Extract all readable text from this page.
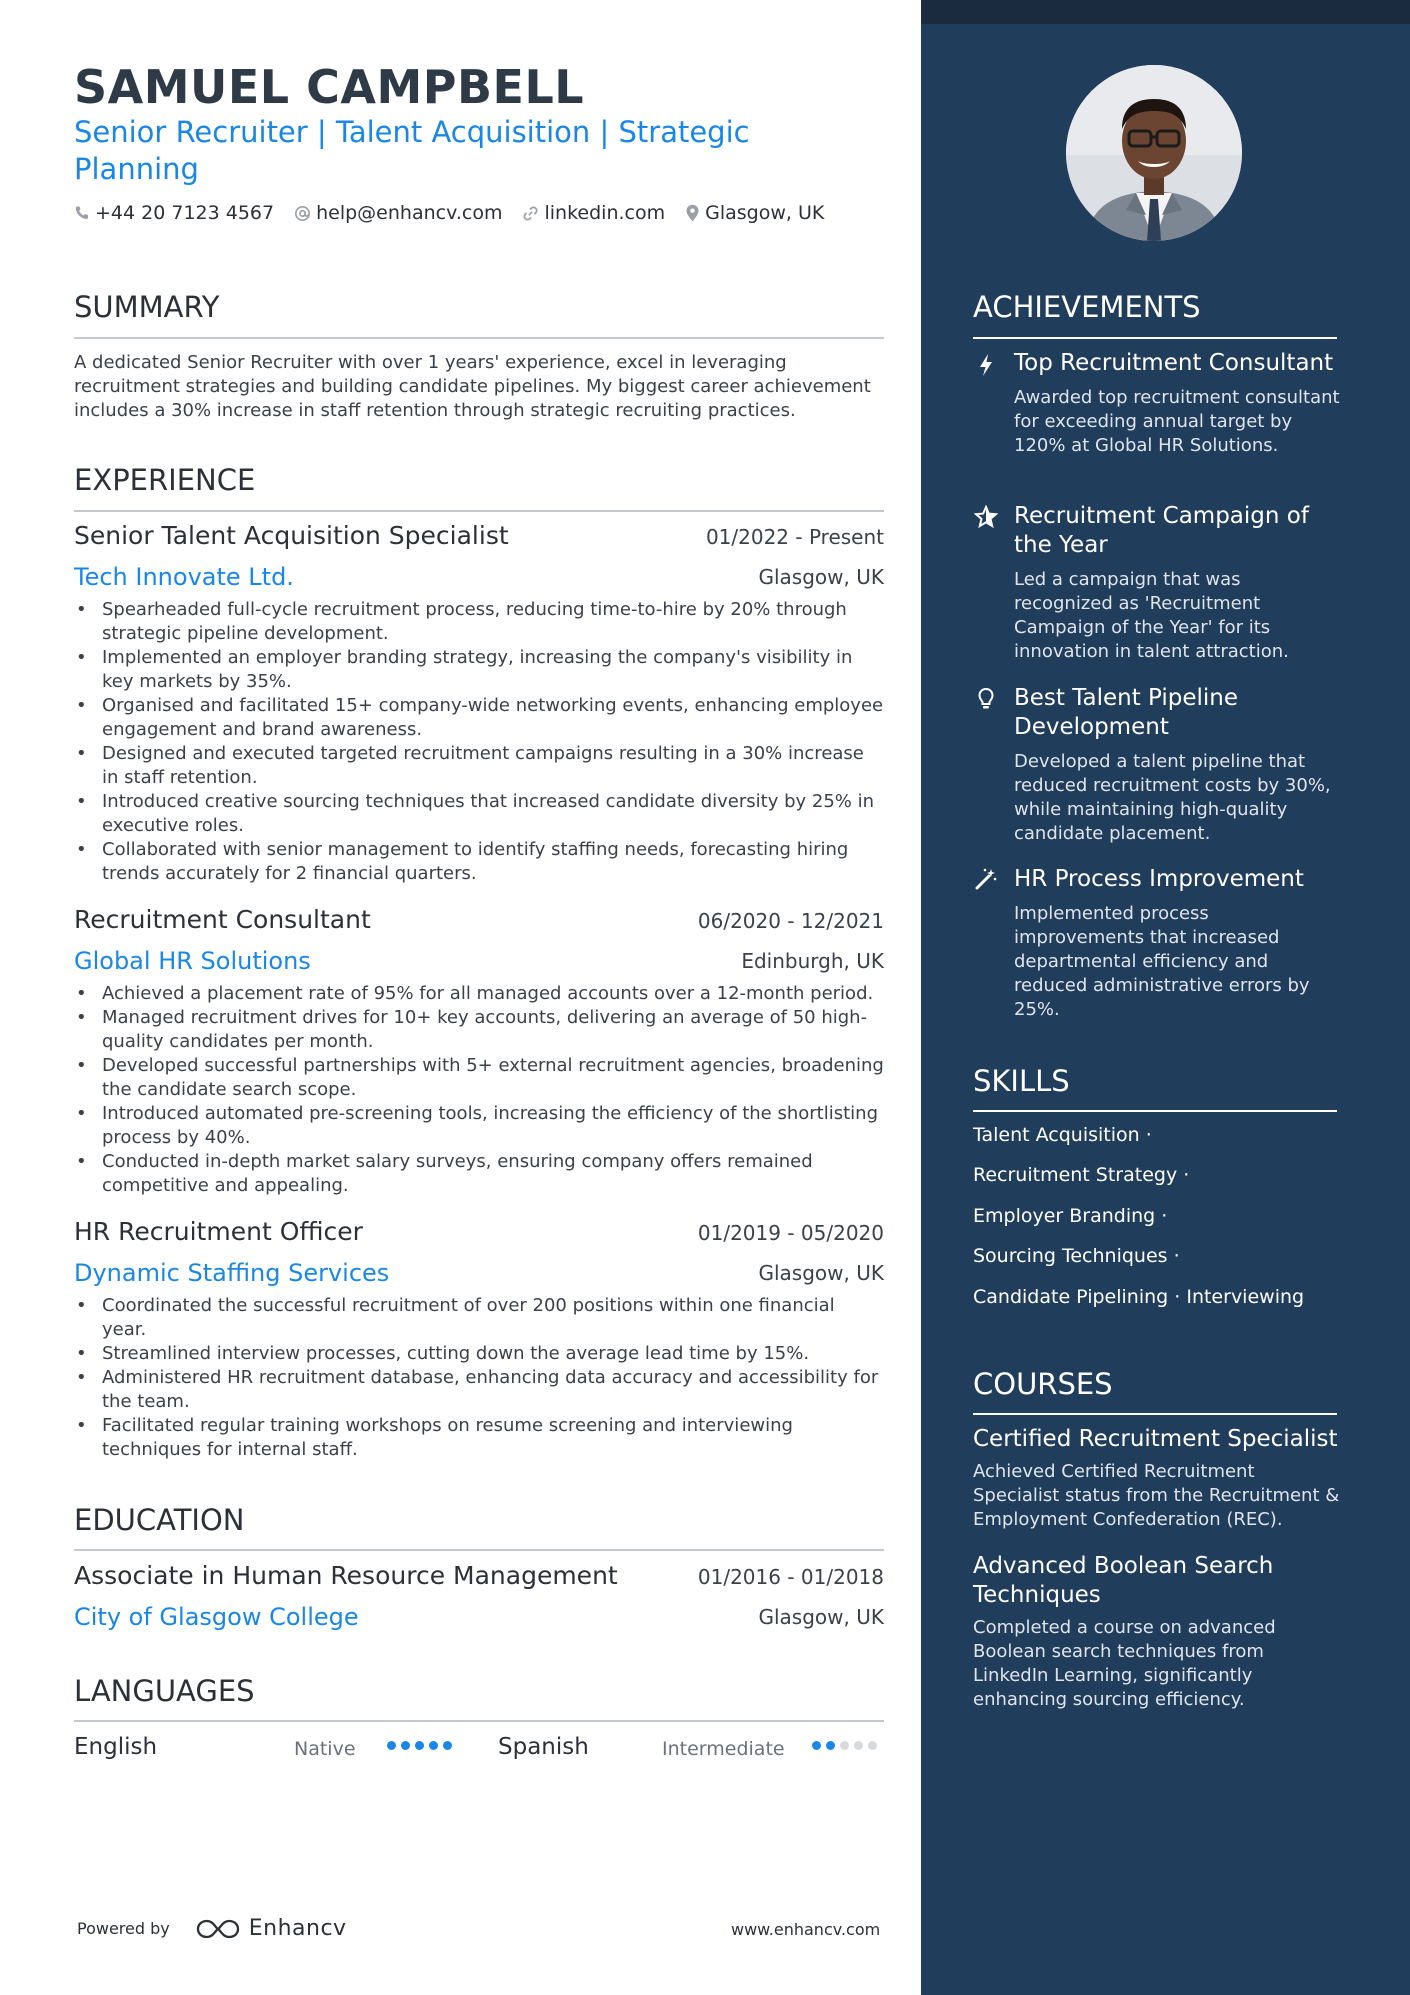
SAMUEL CAMPBELL
Senior Recruiter | Talent Acquisition | Strategic Planning
+44 20 7123 4567 help@enhancv.com linkedin.com Glasgow, UK
SUMMARY
A dedicated Senior Recruiter with over 1 years' experience, excel in leveraging recruitment strategies and building candidate pipelines. My biggest career achievement includes a 30% increase in staff retention through strategic recruiting practices.
EXPERIENCE
Senior Talent Acquisition Specialist	01/2022 - Present
Tech Innovate Ltd.	Glasgow, UK
• Spearheaded full-cycle recruitment process, reducing time-to-hire by 20% through strategic pipeline development.
• Implemented an employer branding strategy, increasing the company's visibility in key markets by 35%.
• Organised and facilitated 15+ company-wide networking events, enhancing employee engagement and brand awareness.
• Designed and executed targeted recruitment campaigns resulting in a 30% increase in staff retention.
• Introduced creative sourcing techniques that increased candidate diversity by 25% in executive roles.
• Collaborated with senior management to identify staffing needs, forecasting hiring trends accurately for 2 financial quarters.
Recruitment Consultant	06/2020 - 12/2021
Global HR Solutions	Edinburgh, UK
• Achieved a placement rate of 95% for all managed accounts over a 12-month period.
• Managed recruitment drives for 10+ key accounts, delivering an average of 50 high-quality candidates per month.
• Developed successful partnerships with 5+ external recruitment agencies, broadening the candidate search scope.
• Introduced automated pre-screening tools, increasing the efficiency of the shortlisting process by 40%.
• Conducted in-depth market salary surveys, ensuring company offers remained competitive and appealing.
HR Recruitment Officer	01/2019 - 05/2020
Dynamic Staffing Services	Glasgow, UK
• Coordinated the successful recruitment of over 200 positions within one financial year.
• Streamlined interview processes, cutting down the average lead time by 15%.
• Administered HR recruitment database, enhancing data accuracy and accessibility for the team.
• Facilitated regular training workshops on resume screening and interviewing techniques for internal staff.
EDUCATION
Associate in Human Resource Management	01/2016 - 01/2018
City of Glasgow College	Glasgow, UK
LANGUAGES
English	Native	Spanish	Intermediate
Powered by	Enhancv	www.enhancv.com
ACHIEVEMENTS
Top Recruitment Consultant
Awarded top recruitment consultant for exceeding annual target by 120% at Global HR Solutions.
Recruitment Campaign of the Year
Led a campaign that was recognized as 'Recruitment Campaign of the Year' for its innovation in talent attraction.
Best Talent Pipeline Development
Developed a talent pipeline that reduced recruitment costs by 30%, while maintaining high-quality candidate placement.
HR Process Improvement
Implemented process improvements that increased departmental efficiency and reduced administrative errors by 25%.
SKILLS
Talent Acquisition ·
Recruitment Strategy ·
Employer Branding ·
Sourcing Techniques ·
Candidate Pipelining · Interviewing
COURSES
Certified Recruitment Specialist
Achieved Certified Recruitment Specialist status from the Recruitment & Employment Confederation (REC).
Advanced Boolean Search Techniques
Completed a course on advanced Boolean search techniques from LinkedIn Learning, significantly enhancing sourcing efficiency.
